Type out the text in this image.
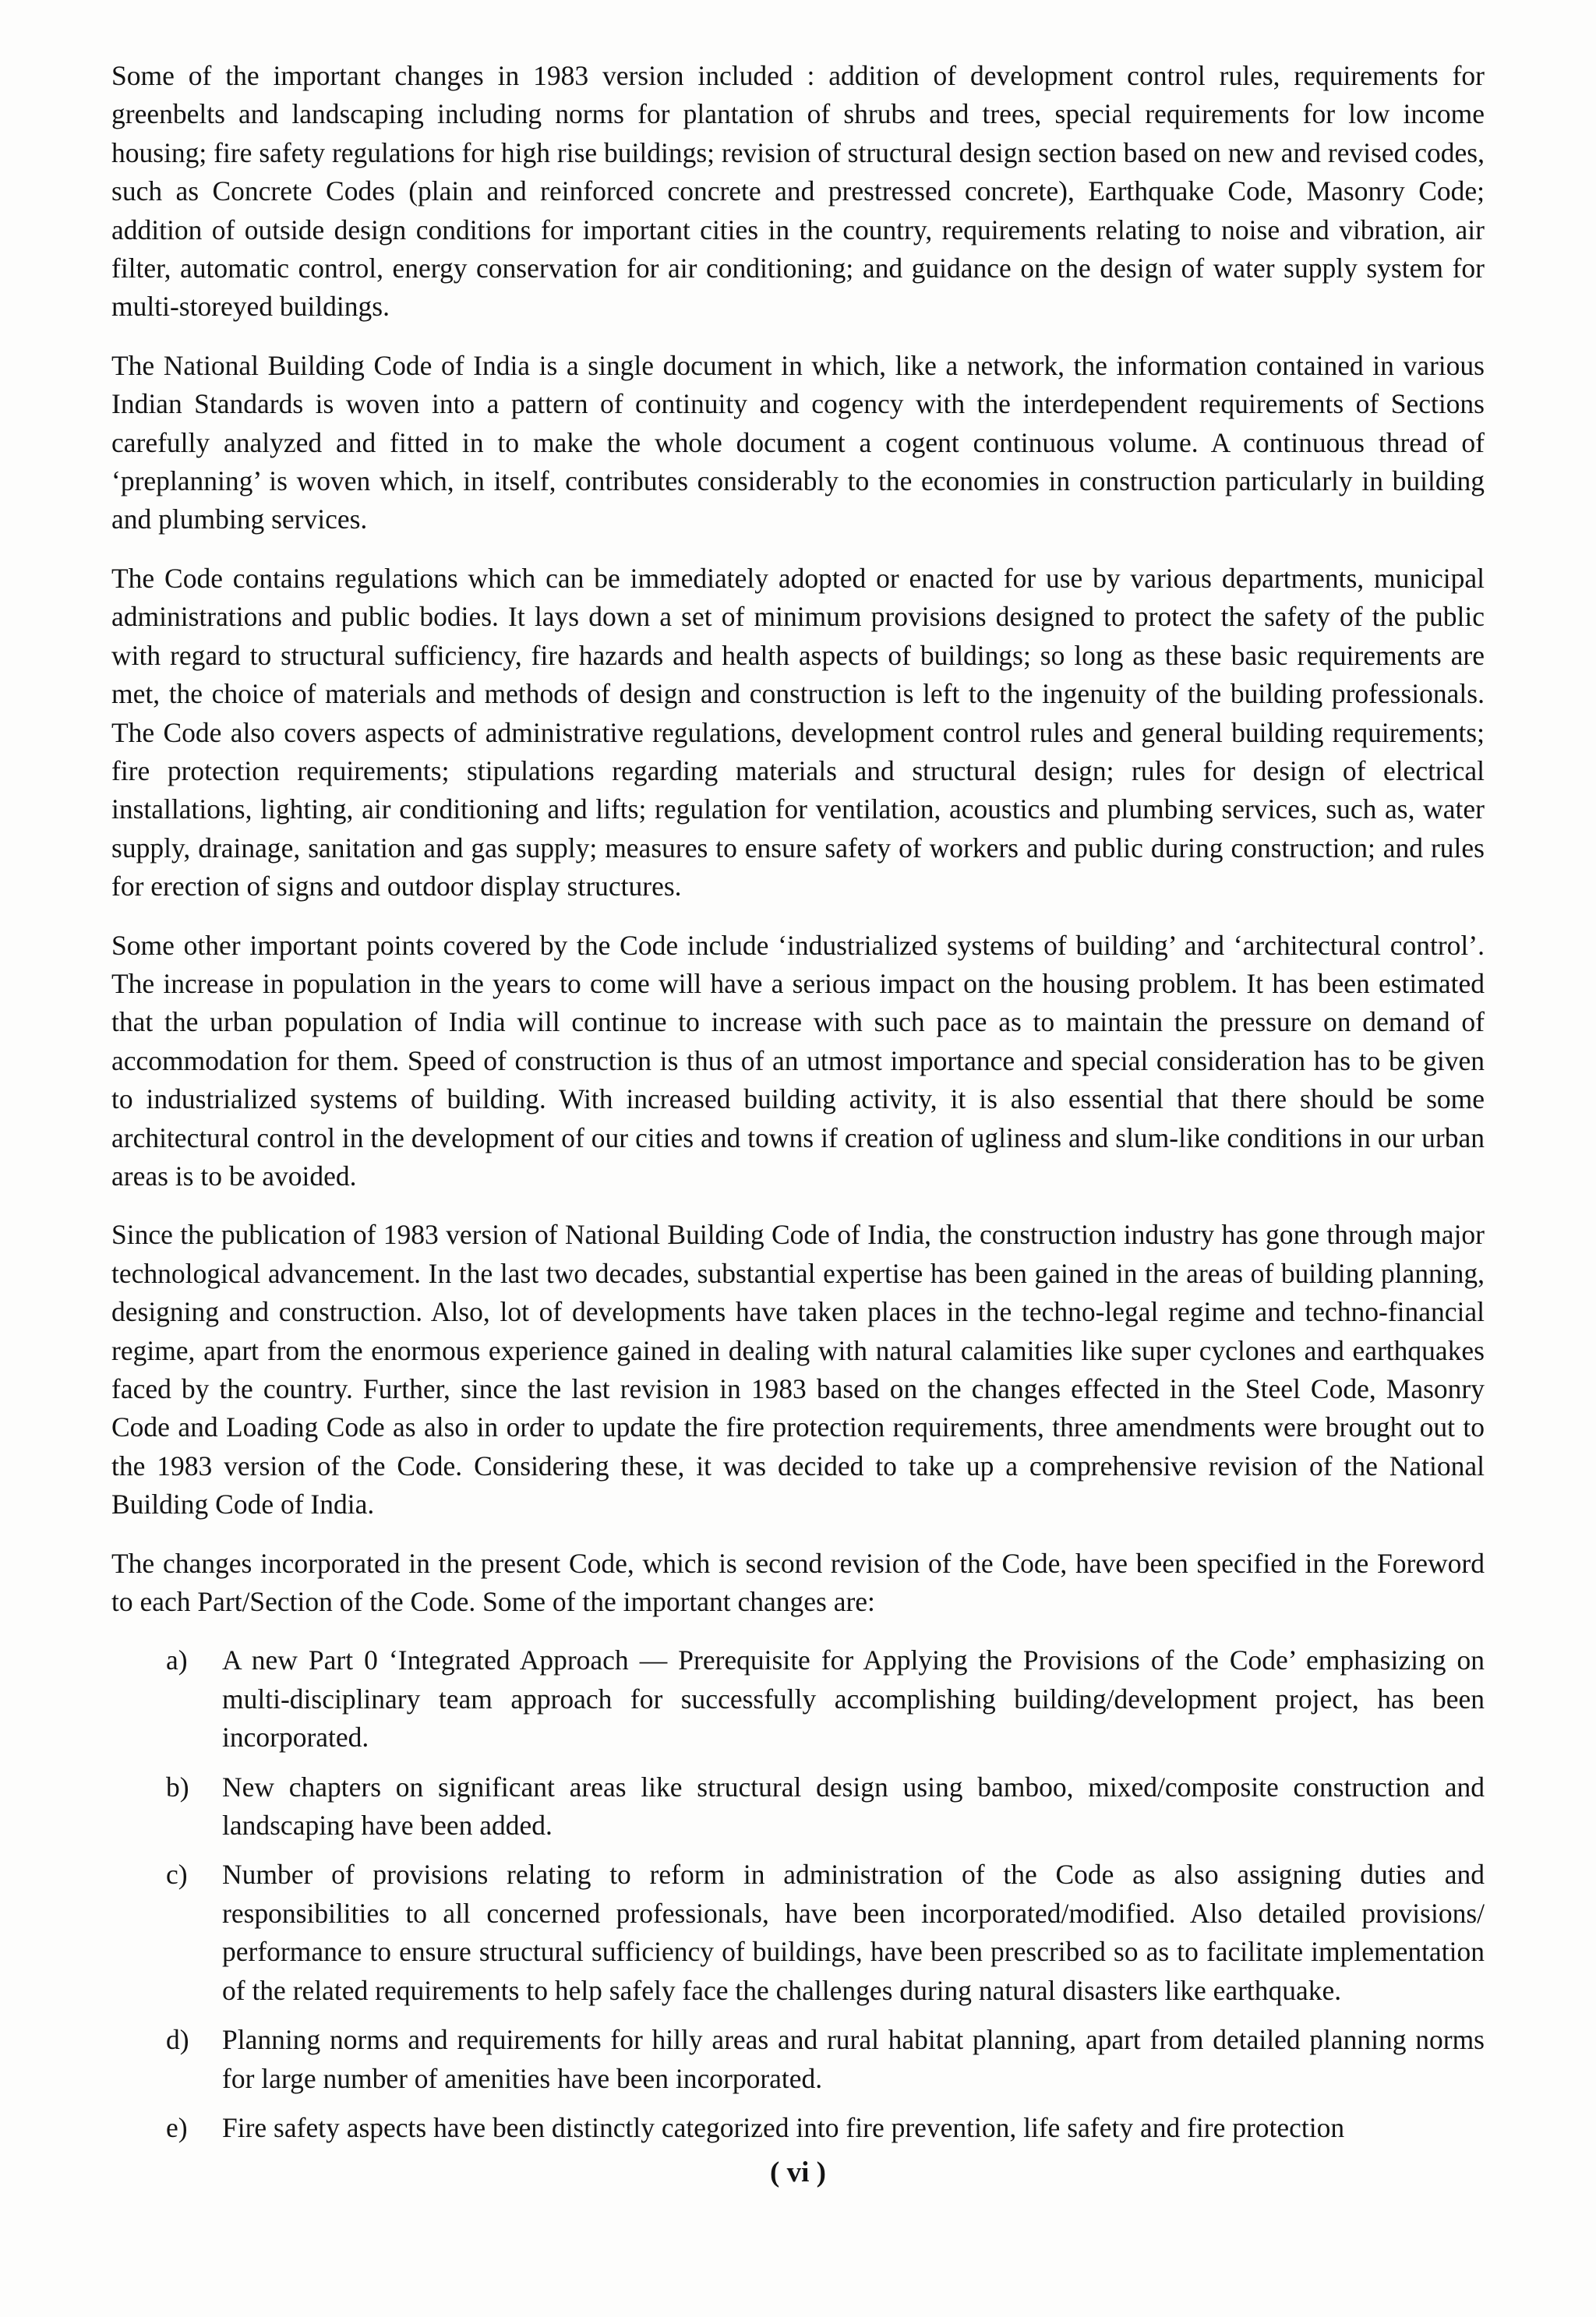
Some of the important changes in 1983 version included : addition of development control rules, requirements for greenbelts and landscaping including norms for plantation of shrubs and trees, special requirements for low income housing; fire safety regulations for high rise buildings; revision of structural design section based on new and revised codes, such as Concrete Codes (plain and reinforced concrete and prestressed concrete), Earthquake Code, Masonry Code; addition of outside design conditions for important cities in the country, requirements relating to noise and vibration, air filter, automatic control, energy conservation for air conditioning; and guidance on the design of water supply system for multi-storeyed buildings.

The National Building Code of India is a single document in which, like a network, the information contained in various Indian Standards is woven into a pattern of continuity and cogency with the interdependent requirements of Sections carefully analyzed and fitted in to make the whole document a cogent continuous volume. A continuous thread of ‘preplanning’ is woven which, in itself, contributes considerably to the economies in construction particularly in building and plumbing services.

The Code contains regulations which can be immediately adopted or enacted for use by various departments, municipal administrations and public bodies. It lays down a set of minimum provisions designed to protect the safety of the public with regard to structural sufficiency, fire hazards and health aspects of buildings; so long as these basic requirements are met, the choice of materials and methods of design and construction is left to the ingenuity of the building professionals. The Code also covers aspects of administrative regulations, development control rules and general building requirements; fire protection requirements; stipulations regarding materials and structural design; rules for design of electrical installations, lighting, air conditioning and lifts; regulation for ventilation, acoustics and plumbing services, such as, water supply, drainage, sanitation and gas supply; measures to ensure safety of workers and public during construction; and rules for erection of signs and outdoor display structures.

Some other important points covered by the Code include ‘industrialized systems of building’ and ‘architectural control’. The increase in population in the years to come will have a serious impact on the housing problem. It has been estimated that the urban population of India will continue to increase with such pace as to maintain the pressure on demand of accommodation for them. Speed of construction is thus of an utmost importance and special consideration has to be given to industrialized systems of building. With increased building activity, it is also essential that there should be some architectural control in the development of our cities and towns if creation of ugliness and slum-like conditions in our urban areas is to be avoided.

Since the publication of 1983 version of National Building Code of India, the construction industry has gone through major technological advancement. In the last two decades, substantial expertise has been gained in the areas of building planning, designing and construction. Also, lot of developments have taken places in the techno-legal regime and techno-financial regime, apart from the enormous experience gained in dealing with natural calamities like super cyclones and earthquakes faced by the country. Further, since the last revision in 1983 based on the changes effected in the Steel Code, Masonry Code and Loading Code as also in order to update the fire protection requirements, three amendments were brought out to the 1983 version of the Code. Considering these, it was decided to take up a comprehensive revision of the National Building Code of India.

The changes incorporated in the present Code, which is second revision of the Code, have been specified in the Foreword to each Part/Section of the Code. Some of the important changes are:

a)	A new Part 0 ‘Integrated Approach — Prerequisite for Applying the Provisions of the Code’ emphasizing on multi-disciplinary team approach for successfully accomplishing building/development project, has been incorporated.
b)	New chapters on significant areas like structural design using bamboo, mixed/composite construction and landscaping have been added.
c)	Number of provisions relating to reform in administration of the Code as also assigning duties and responsibilities to all concerned professionals, have been incorporated/modified. Also detailed provisions/ performance to ensure structural sufficiency of buildings, have been prescribed so as to facilitate implementation of the related requirements to help safely face the challenges during natural disasters like earthquake.
d)	Planning norms and requirements for hilly areas and rural habitat planning, apart from detailed planning norms for large number of amenities have been incorporated.
e)	Fire safety aspects have been distinctly categorized into fire prevention, life safety and fire protection
( vi )
